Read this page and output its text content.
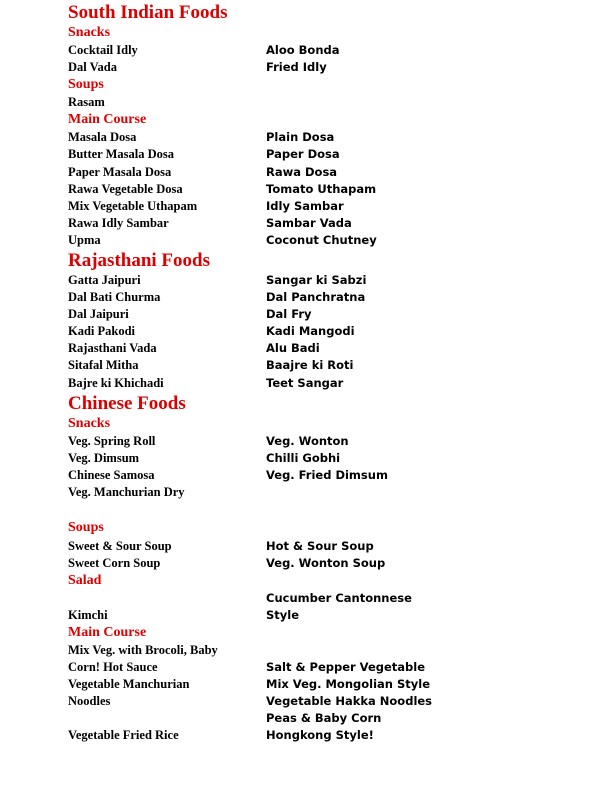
South Indian Foods
Snacks
Cocktail Idly
Dal Vada
Aloo Bonda
Fried Idly
Soups
Rasam
Main Course
Masala Dosa
Butter Masala Dosa
Paper Masala Dosa
Rawa Vegetable Dosa
Mix Vegetable Uthapam
Rawa Idly Sambar
Upma
Plain Dosa
Paper Dosa
Rawa Dosa
Tomato Uthapam
Idly Sambar
Sambar Vada
Coconut Chutney
Rajasthani Foods
Gatta Jaipuri
Dal Bati Churma
Dal Jaipuri
Kadi Pakodi
Rajasthani Vada
Sitafal Mitha
Bajre ki Khichadi
Sangar ki Sabzi
Dal Panchratna
Dal Fry
Kadi Mangodi
Alu Badi
Baajre ki Roti
Teet Sangar
Chinese Foods
Snacks
Veg. Spring Roll
Veg. Dimsum
Chinese Samosa
Veg. Manchurian Dry
Veg. Wonton
Chilli Gobhi
Veg. Fried Dimsum
Soups
Sweet & Sour Soup
Sweet Corn Soup
Hot & Sour Soup
Veg. Wonton Soup
Salad
Cucumber Cantonnese
Kimchi	Style
Main Course
Mix Veg. with Brocoli, Baby
Corn! Hot Sauce
Vegetable Manchurian
Noodles
Vegetable Fried Rice
Salt & Pepper Vegetable
Mix Veg. Mongolian Style
Vegetable Hakka Noodles
Peas & Baby Corn
Hongkong Style!
